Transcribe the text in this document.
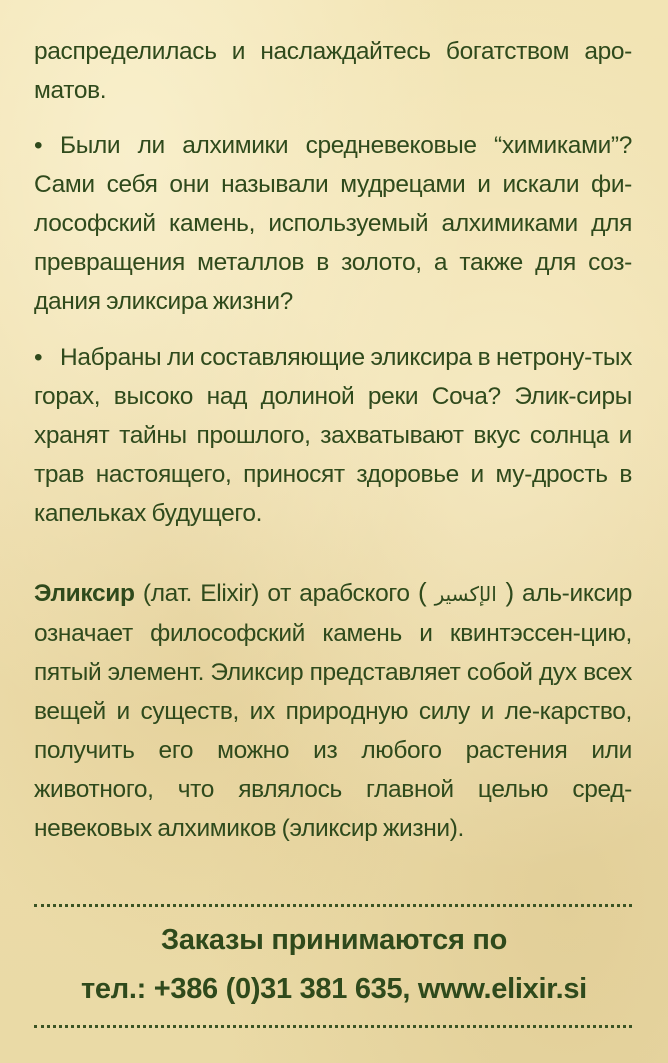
распределилась и наслаждайтесь богатством аро-матов.
• Были ли алхимики средневековые “химиками”? Сами себя они называли мудрецами и искали фи-лософский камень, используемый алхимиками для превращения металлов в золото, а также для соз-дания эликсира жизни?
• Набраны ли составляющие эликсира в нетрону-тых горах, высоко над долиной реки Соча? Элик-сиры хранят тайны прошлого, захватывают вкус солнца и трав настоящего, приносят здоровье и му-дрость в капельках будущего.
Эликсир (лат. Elixir) от арабского ( الإكسير ) аль-иксир означает философский камень и квинтэссен-цию, пятый элемент. Эликсир представляет собой дух всех вещей и существ, их природную силу и ле-карство, получить его можно из любого растения или животного, что являлось главной целью сред-невековых алхимиков (эликсир жизни).
Заказы принимаются по
тел.: +386 (0)31 381 635, www.elixir.si
